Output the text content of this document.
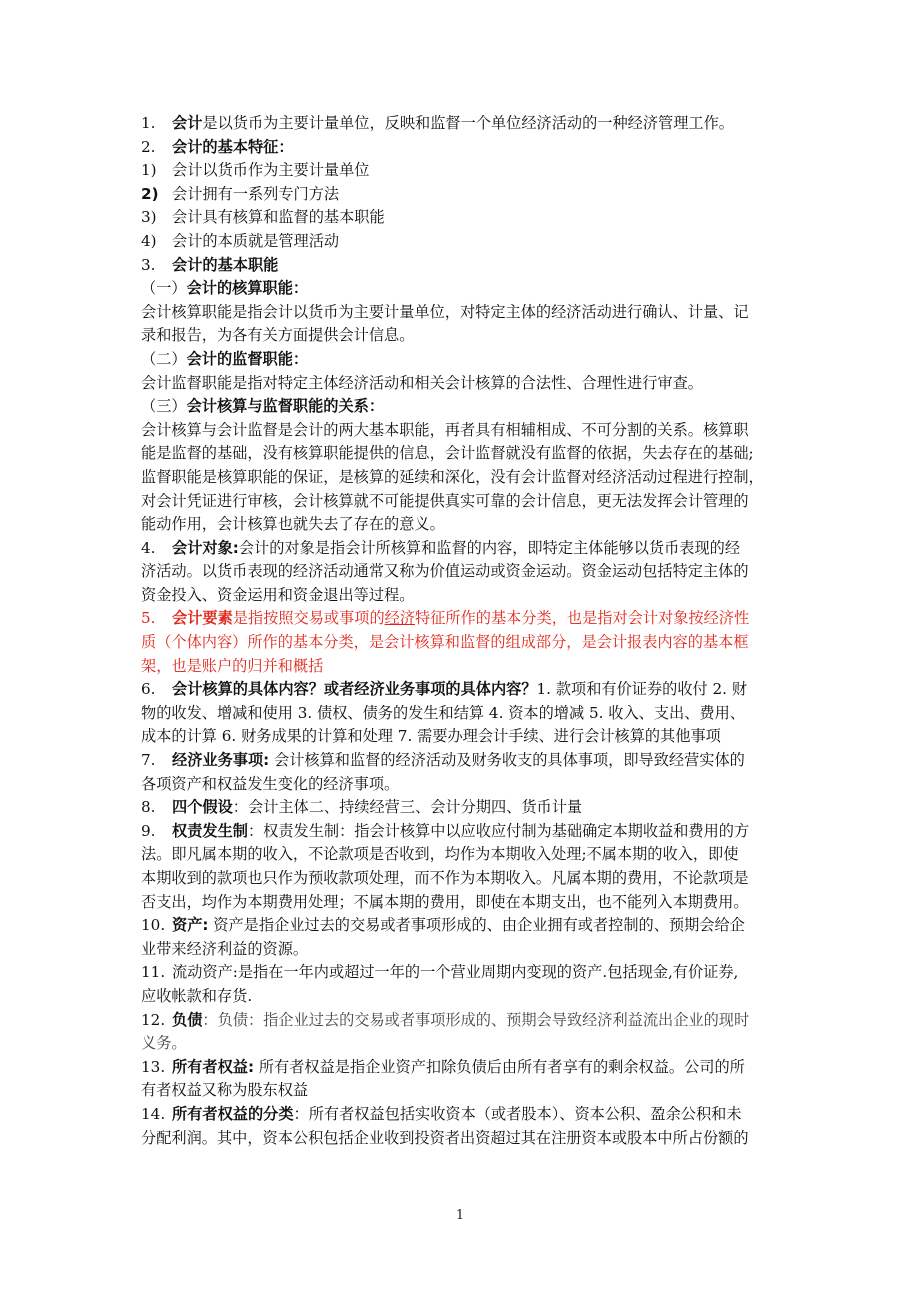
1. 会计是以货币为主要计量单位，反映和监督一个单位经济活动的一种经济管理工作。
2. 会计的基本特征：
1) 会计以货币作为主要计量单位
2) 会计拥有一系列专门方法
3) 会计具有核算和监督的基本职能
4) 会计的本质就是管理活动
3. 会计的基本职能
（一）会计的核算职能：
会计核算职能是指会计以货币为主要计量单位，对特定主体的经济活动进行确认、计量、记
录和报告，为各有关方面提供会计信息。
（二）会计的监督职能：
会计监督职能是指对特定主体经济活动和相关会计核算的合法性、合理性进行审查。
（三）会计核算与监督职能的关系：
会计核算与会计监督是会计的两大基本职能，再者具有相辅相成、不可分割的关系。核算职
能是监督的基础，没有核算职能提供的信息，会计监督就没有监督的依据，失去存在的基础;
监督职能是核算职能的保证，是核算的延续和深化，没有会计监督对经济活动过程进行控制，
对会计凭证进行审核，会计核算就不可能提供真实可靠的会计信息，更无法发挥会计管理的
能动作用，会计核算也就失去了存在的意义。
4. 会计对象:会计的对象是指会计所核算和监督的内容，即特定主体能够以货币表现的经
济活动。以货币表现的经济活动通常又称为价值运动或资金运动。资金运动包括特定主体的
资金投入、资金运用和资金退出等过程。
5. 会计要素是指按照交易或事项的经济特征所作的基本分类，也是指对会计对象按经济性
质（个体内容）所作的基本分类，是会计核算和监督的组成部分，是会计报表内容的基本框
架，也是账户的归并和概括
6. 会计核算的具体内容？或者经济业务事项的具体内容？1. 款项和有价证券的收付 2. 财
物的收发、增减和使用 3. 债权、债务的发生和结算 4. 资本的增减 5. 收入、支出、费用、
成本的计算 6. 财务成果的计算和处理 7. 需要办理会计手续、进行会计核算的其他事项
7. 经济业务事项: 会计核算和监督的经济活动及财务收支的具体事项，即导致经营实体的
各项资产和权益发生变化的经济事项。
8. 四个假设：会计主体二、持续经营三、会计分期四、货币计量
9. 权责发生制：权责发生制：指会计核算中以应收应付制为基础确定本期收益和费用的方
法。即凡属本期的收入，不论款项是否收到，均作为本期收入处理;不属本期的收入，即使
本期收到的款项也只作为预收款项处理，而不作为本期收入。凡属本期的费用，不论款项是
否支出，均作为本期费用处理；不属本期的费用，即使在本期支出，也不能列入本期费用。
10. 资产: 资产是指企业过去的交易或者事项形成的、由企业拥有或者控制的、预期会给企
业带来经济利益的资源。
11. 流动资产:是指在一年内或超过一年的一个营业周期内变现的资产.包括现金,有价证券,
应收帐款和存货.
12. 负债：负债：指企业过去的交易或者事项形成的、预期会导致经济利益流出企业的现时
义务。
13. 所有者权益: 所有者权益是指企业资产扣除负债后由所有者享有的剩余权益。公司的所
有者权益又称为股东权益
14. 所有者权益的分类：所有者权益包括实收资本（或者股本）、资本公积、盈余公积和未
分配利润。其中，资本公积包括企业收到投资者出资超过其在注册资本或股本中所占份额的
1
